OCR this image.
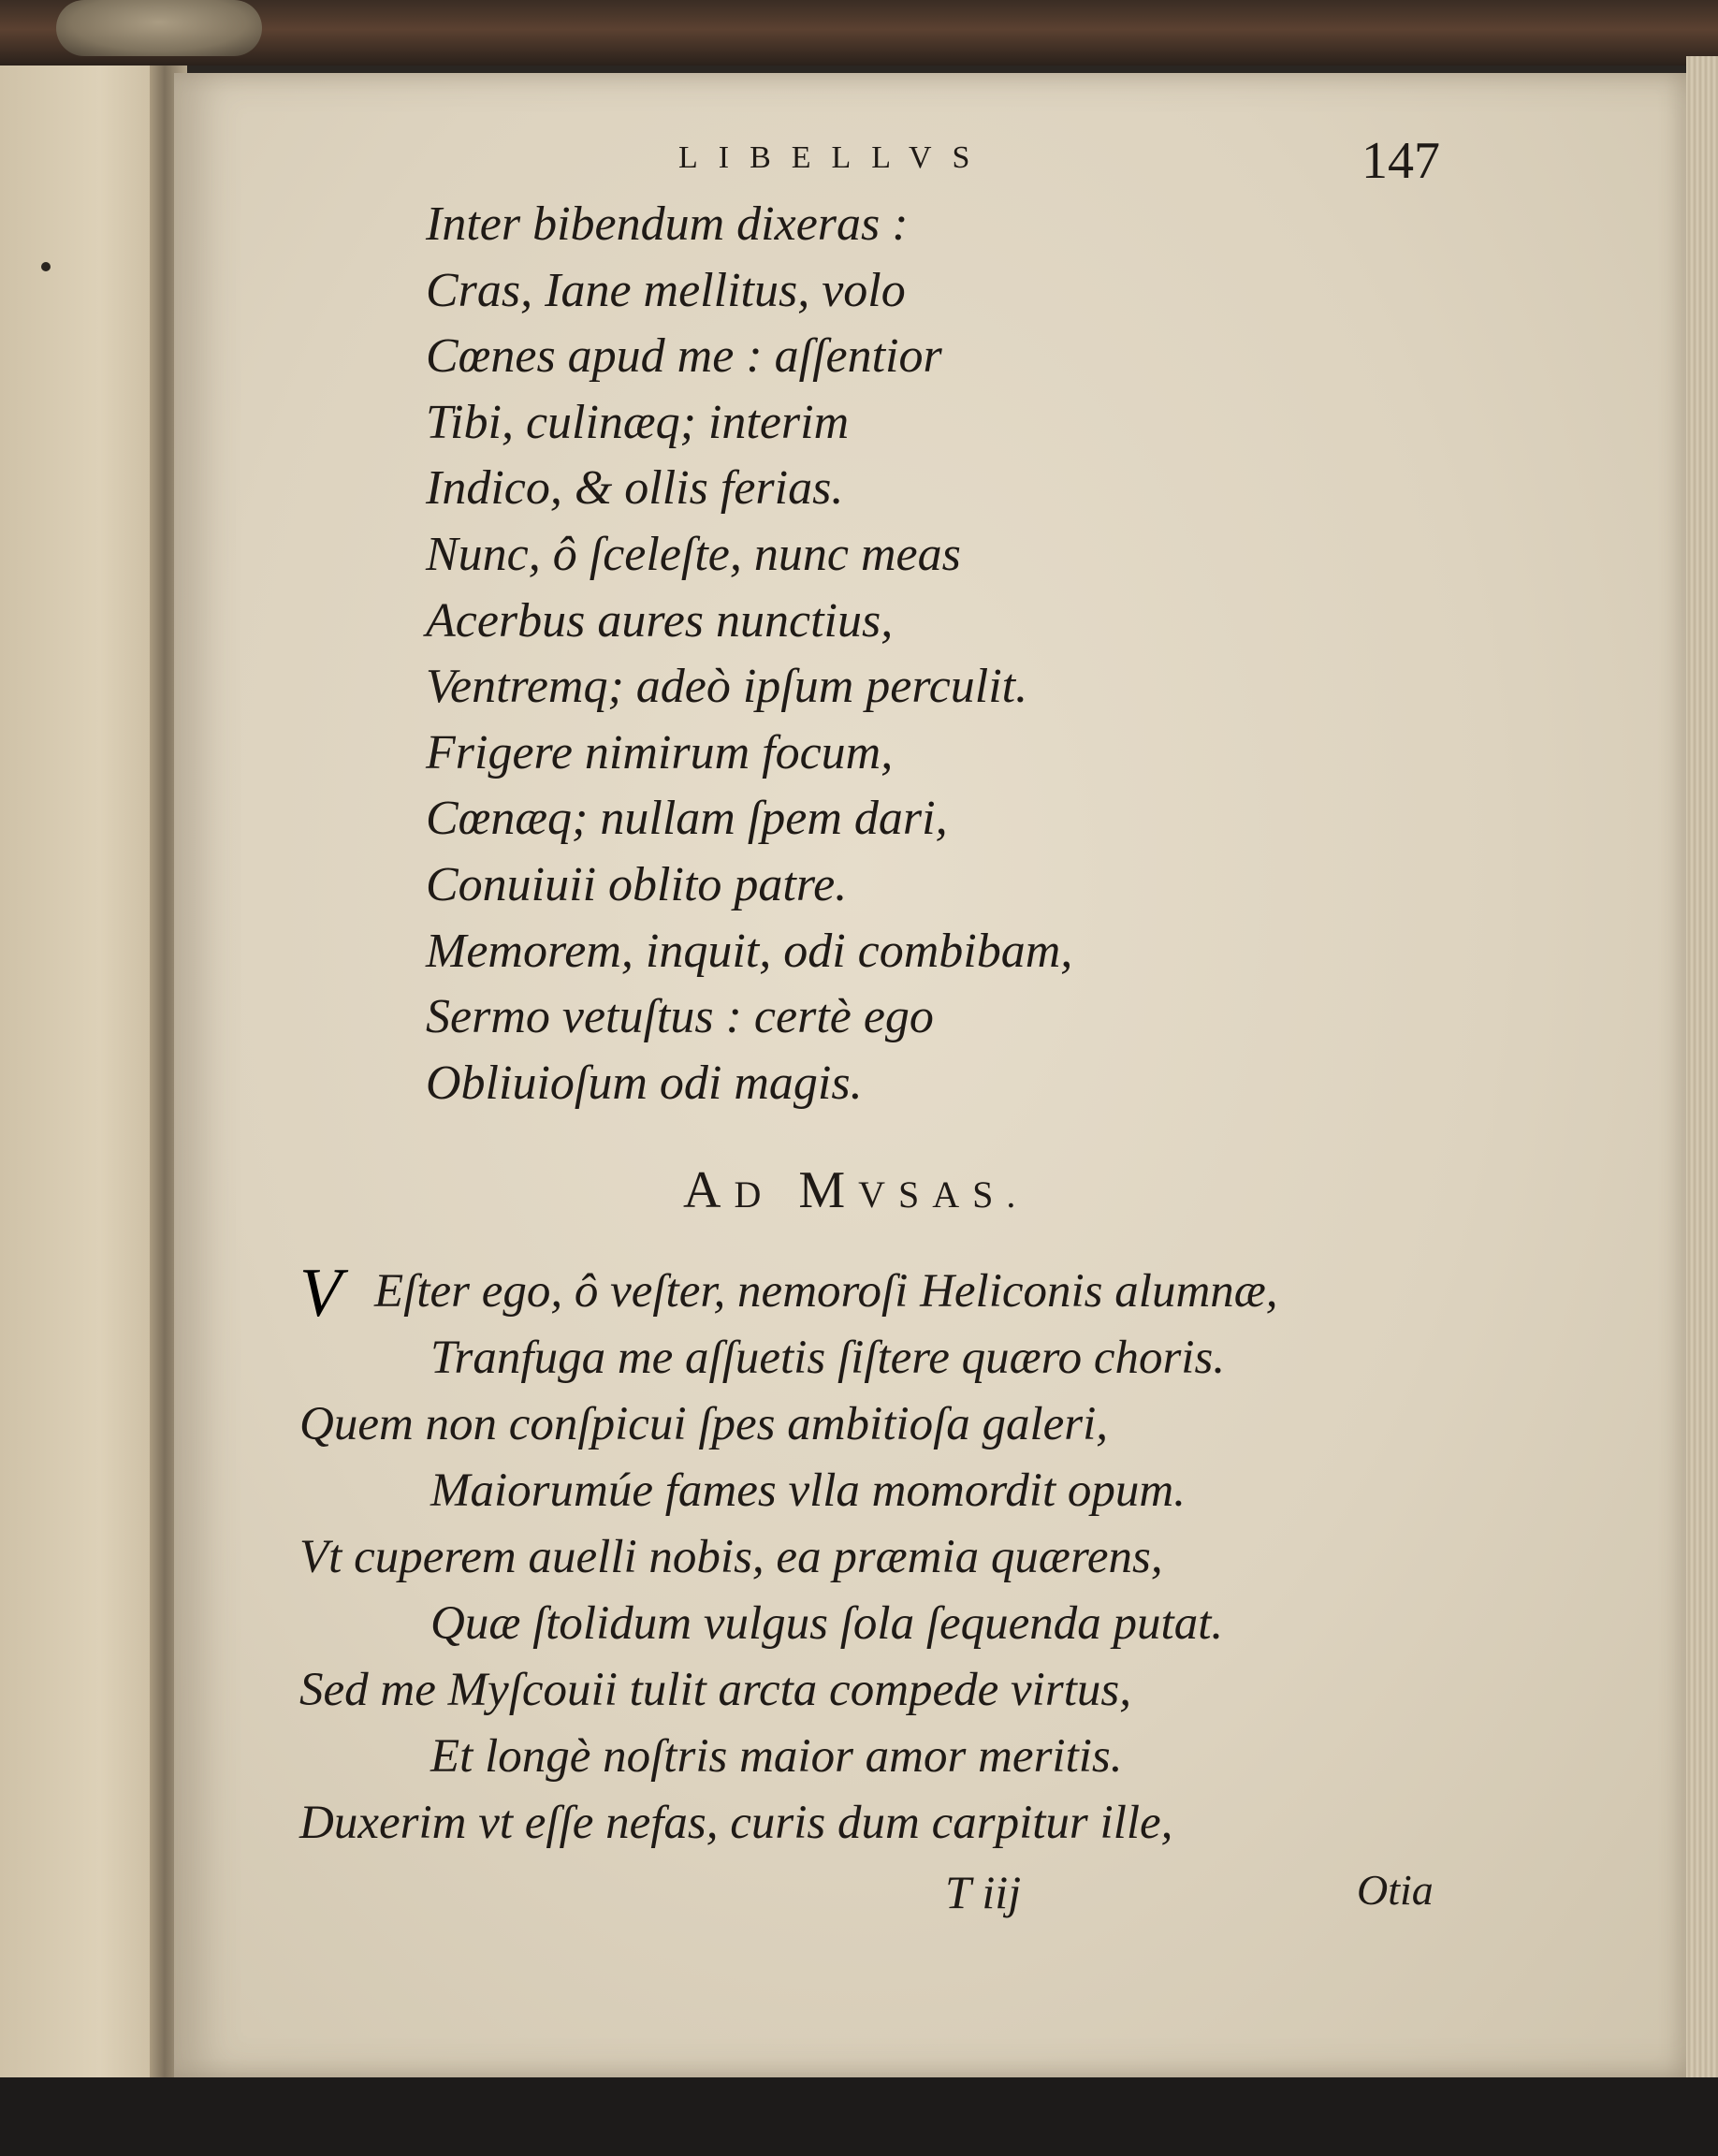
LIBELLVS	147
Inter bibendum dixeras :
Cras, Iane mellitus, volo
Cœnes apud me : aſſentior
Tibi, culinæq; interim
Indico, & ollis ferias.
Nunc, ô ſceleſte, nunc meas
Acerbus aures nunctius,
Ventremq; adeò ipſum perculit.
Frigere nimirum focum,
Cœnæq; nullam ſpem dari,
Conuiuii oblito patre.
Memorem, inquit, odi combibam,
Sermo vetuſtus : certè ego
Obliuioſum odi magis.
AD MVSAS.
V Eſter ego, ô veſter, nemoroſi Heliconis alumnæ,
Tranfuga me aſſuetis ſiſtere quæro choris.
Quem non conſpicui ſpes ambitioſa galeri,
Maiorumúe fames vlla momordit opum.
Vt cuperem auelli nobis, ea præmia quærens,
Quæ ſtolidum vulgus ſola ſequenda putat.
Sed me Myſcouii tulit arcta compede virtus,
Et longè noſtris maior amor meritis.
Duxerim vt eſſe nefas, curis dum carpitur ille,
T iij	Otia
